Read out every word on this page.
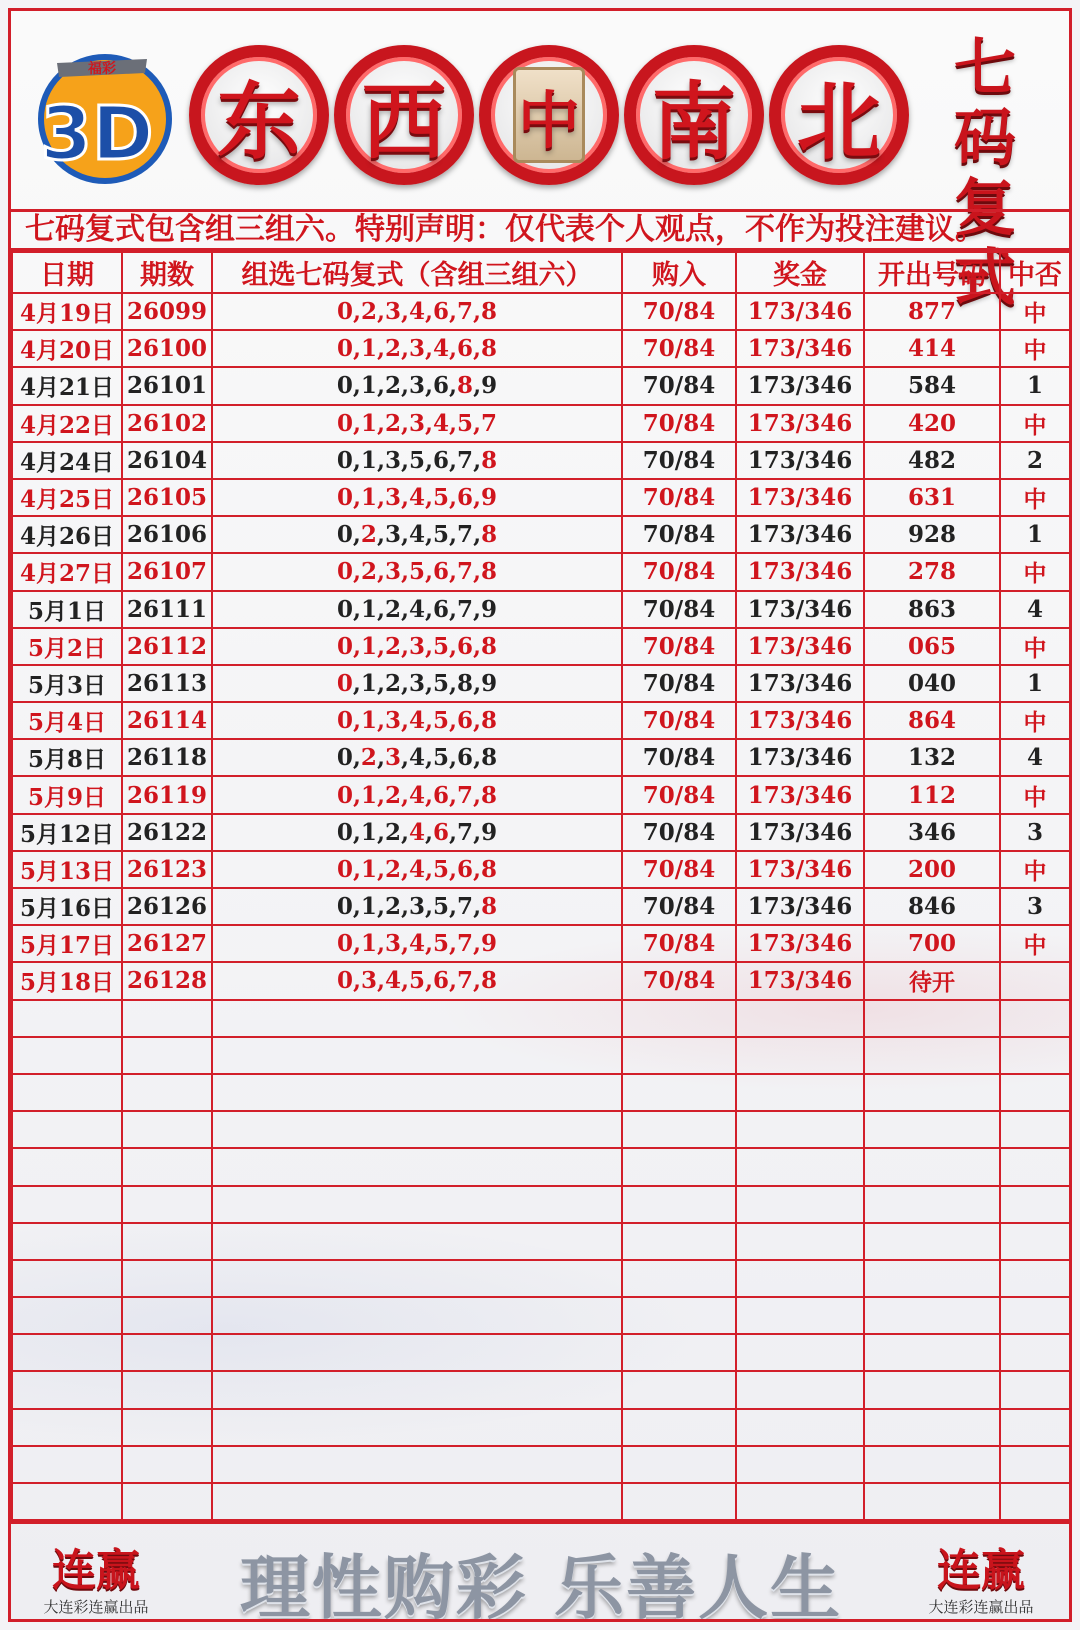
福彩
3D 东 西 中 南 北
七码
复式
七码复式包含组三组六。特别声明：仅代表个人观点，不作为投注建议。
日期	期数	组选七码复式（含组三组六）	购入	奖金	开出号码	中否
4月19日	26099	0,2,3,4,6,7,8	70/84	173/346	877	中
4月20日	26100	0,1,2,3,4,6,8	70/84	173/346	414	中
4月21日	26101	0,1,2,3,6,8,9	70/84	173/346	584	1
4月22日	26102	0,1,2,3,4,5,7	70/84	173/346	420	中
4月24日	26104	0,1,3,5,6,7,8	70/84	173/346	482	2
4月25日	26105	0,1,3,4,5,6,9	70/84	173/346	631	中
4月26日	26106	0,2,3,4,5,7,8	70/84	173/346	928	1
4月27日	26107	0,2,3,5,6,7,8	70/84	173/346	278	中
5月1日	26111	0,1,2,4,6,7,9	70/84	173/346	863	4
5月2日	26112	0,1,2,3,5,6,8	70/84	173/346	065	中
5月3日	26113	0,1,2,3,5,8,9	70/84	173/346	040	1
5月4日	26114	0,1,3,4,5,6,8	70/84	173/346	864	中
5月8日	26118	0,2,3,4,5,6,8	70/84	173/346	132	4
5月9日	26119	0,1,2,4,6,7,8	70/84	173/346	112	中
5月12日	26122	0,1,2,4,6,7,9	70/84	173/346	346	3
5月13日	26123	0,1,2,4,5,6,8	70/84	173/346	200	中
5月16日	26126	0,1,2,3,5,7,8	70/84	173/346	846	3
5月17日	26127	0,1,3,4,5,7,9	70/84	173/346	700	中
5月18日	26128	0,3,4,5,6,7,8	70/84	173/346	待开	

连赢
大连彩连赢出品	理性购彩 乐善人生	连赢
大连彩连赢出品
